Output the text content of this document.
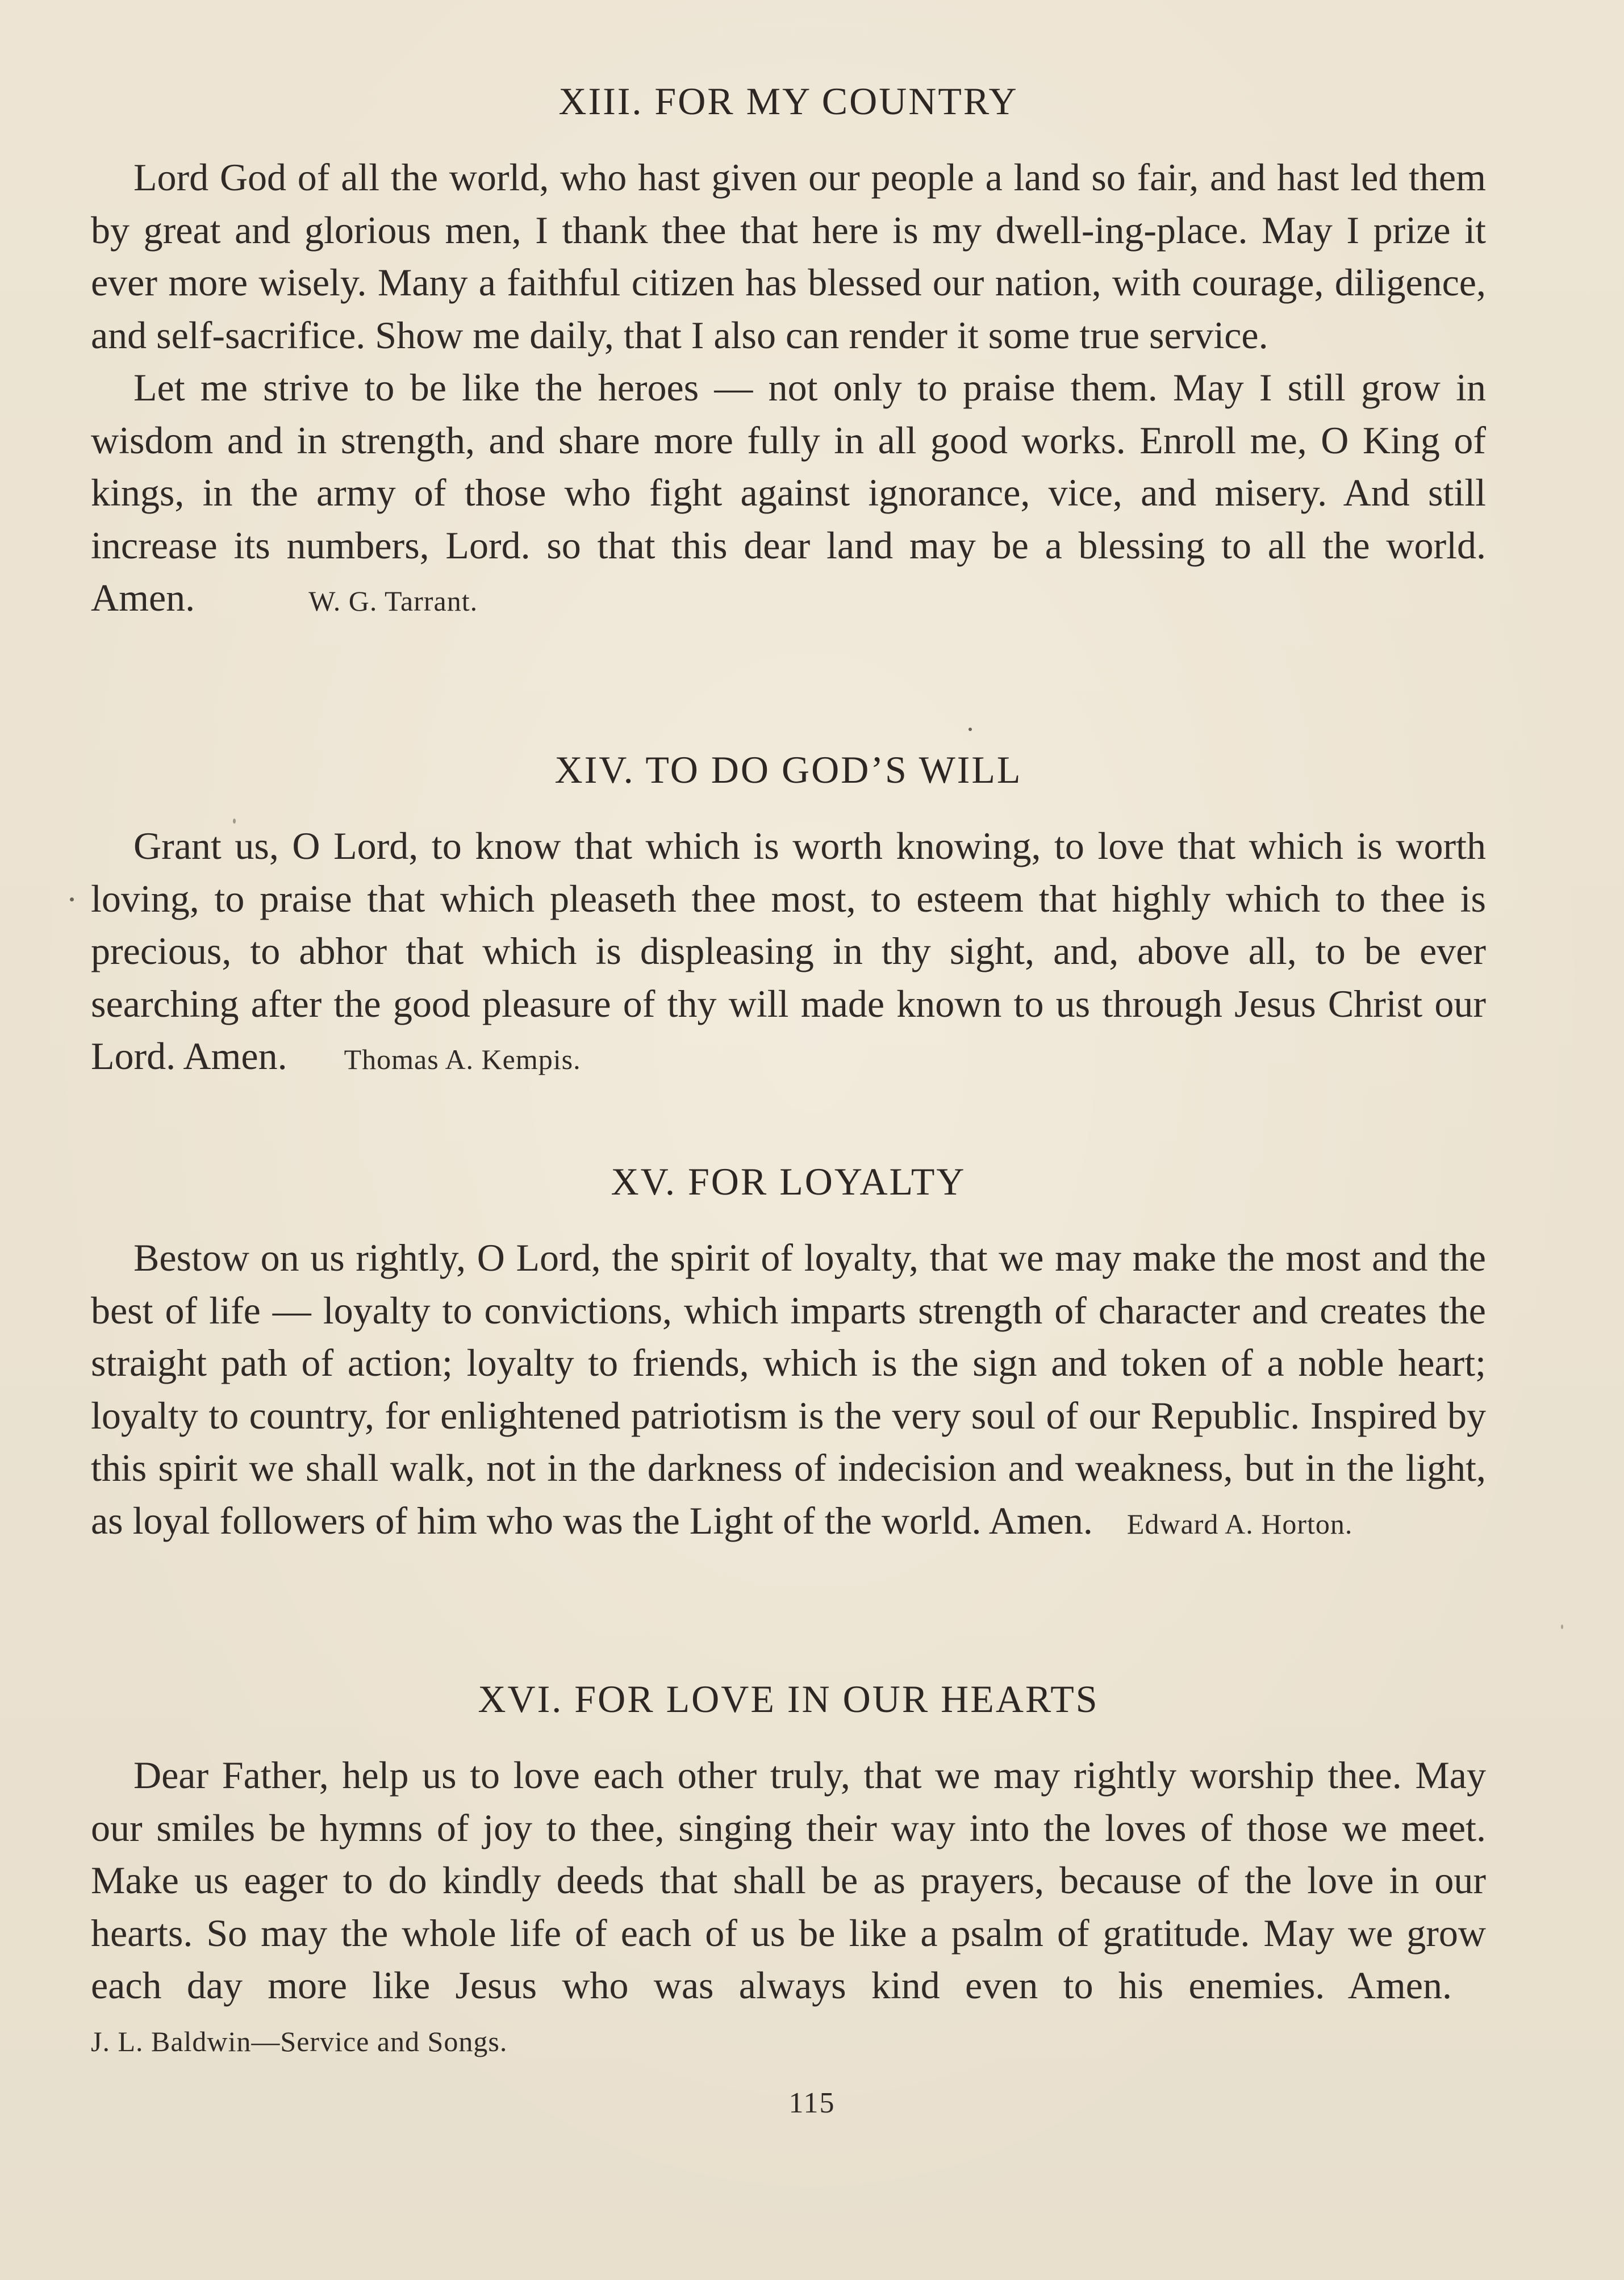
XIII. FOR MY COUNTRY

Lord God of all the world, who hast given our people a land so fair, and hast led them by great and glorious men, I thank thee that here is my dwell-ing-place. May I prize it ever more wisely. Many a faithful citizen has blessed our nation, with courage, diligence, and self-sacrifice. Show me daily, that I also can render it some true service.

Let me strive to be like the heroes — not only to praise them. May I still grow in wisdom and in strength, and share more fully in all good works. Enroll me, O King of kings, in the army of those who fight against ignorance, vice, and misery. And still increase its numbers, Lord. so that this dear land may be a blessing to all the world. Amen.	W. G. Tarrant.

XIV. TO DO GOD’S WILL

Grant us, O Lord, to know that which is worth knowing, to love that which is worth loving, to praise that which pleaseth thee most, to esteem that highly which to thee is precious, to abhor that which is displeasing in thy sight, and, above all, to be ever searching after the good pleasure of thy will made known to us through Jesus Christ our Lord. Amen. Thomas A. Kempis.

XV. FOR LOYALTY

Bestow on us rightly, O Lord, the spirit of loyalty, that we may make the most and the best of life — loyalty to convictions, which imparts strength of character and creates the straight path of action; loyalty to friends, which is the sign and token of a noble heart; loyalty to country, for enlightened patriotism is the very soul of our Republic. Inspired by this spirit we shall walk, not in the darkness of indecision and weakness, but in the light, as loyal followers of him who was the Light of the world. Amen. Edward A. Horton.

XVI. FOR LOVE IN OUR HEARTS

Dear Father, help us to love each other truly, that we may rightly worship thee. May our smiles be hymns of joy to thee, singing their way into the loves of those we meet. Make us eager to do kindly deeds that shall be as prayers, because of the love in our hearts. So may the whole life of each of us be like a psalm of gratitude. May we grow each day more like Jesus who was always kind even to his enemies. Amen.J. L. Baldwin—Service and Songs.

115
